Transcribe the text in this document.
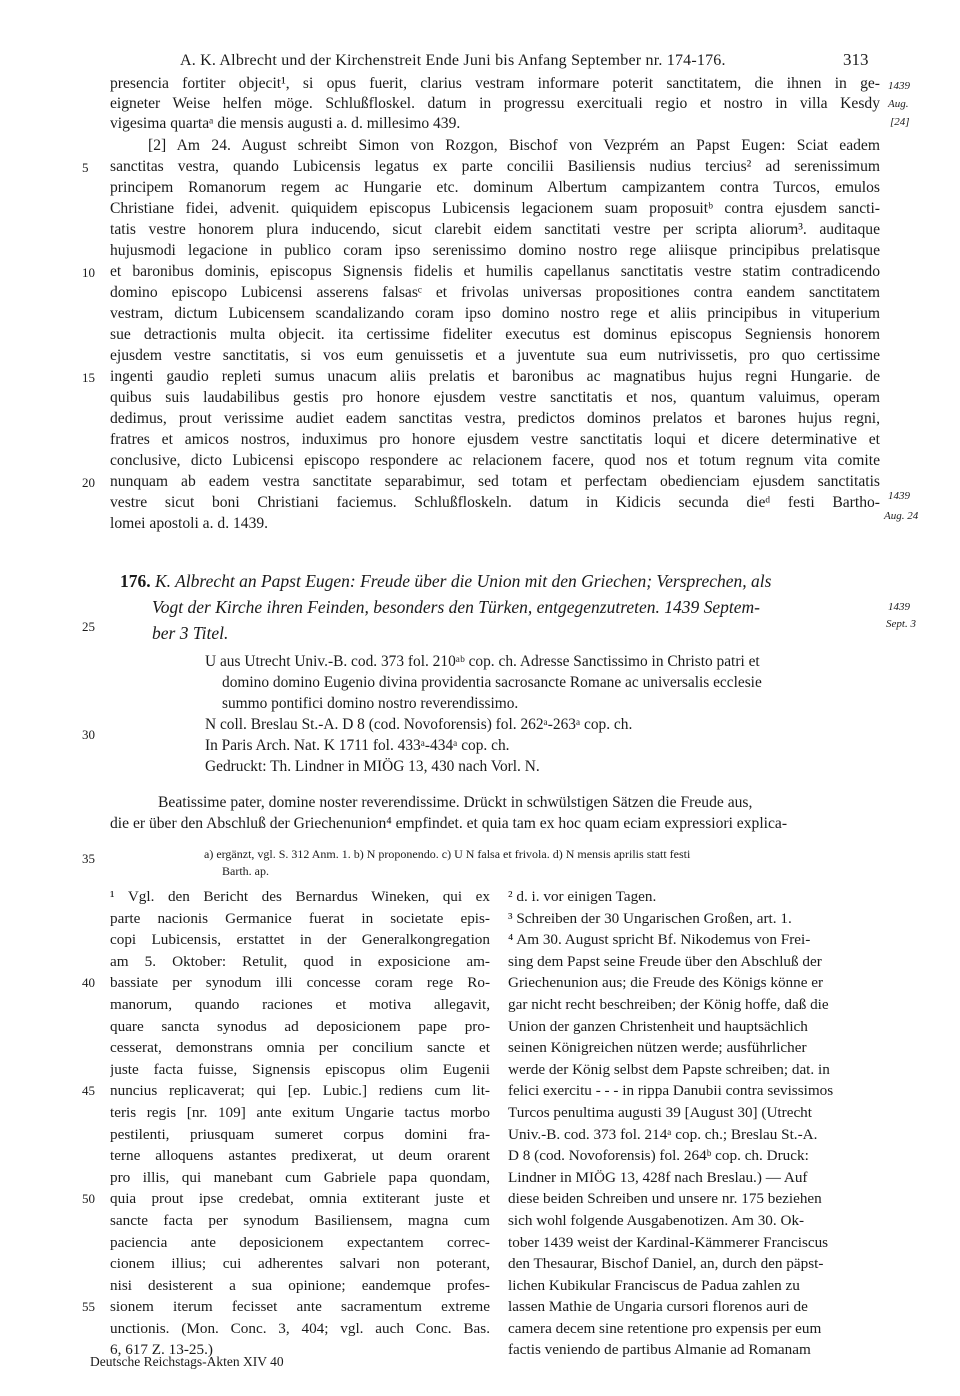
A. K. Albrecht und der Kirchenstreit Ende Juni bis Anfang September nr. 174-176.	313
presencia fortiter objecit¹, si opus fuerit, clarius vestram informare poterit sanctitatem, die ihnen in ge-
eigneter Weise helfen möge. Schlußfloskel. datum in progressu exercituali regio et nostro in villa Kesdy
vigesima quartaᵃ die mensis augusti a. d. millesimo 439.
[2] Am 24. August schreibt Simon von Rozgon, Bischof von Vezprém an Papst Eugen: Sciat eadem
sanctitas vestra, quando Lubicensis legatus ex parte concilii Basiliensis nudius tercius² ad serenissimum
principem Romanorum regem ac Hungarie etc. dominum Albertum campizantem contra Turcos, emulos
Christiane fidei, advenit. quiquidem episcopus Lubicensis legacionem suam proposuitᵇ contra ejusdem sancti-
tatis vestre honorem plura inducendo, sicut clarebit eidem sanctitati vestre per scripta aliorum³. auditaque
hujusmodi legacione in publico coram ipso serenissimo domino nostro rege aliisque principibus prelatisque
et baronibus dominis, episcopus Signensis fidelis et humilis capellanus sanctitatis vestre statim contradicendo
domino episcopo Lubicensi asserens falsasᶜ et frivolas universas propositiones contra eandem sanctitatem
vestram, dictum Lubicensem scandalizando coram ipso domino nostro rege et aliis principibus in vituperium
sue detractionis multa objecit. ita certissime fideliter executus est dominus episcopus Segniensis honorem
ejusdem vestre sanctitatis, si vos eum genuissetis et a juventute sua eum nutrivissetis, pro quo certissime
ingenti gaudio repleti sumus unacum aliis prelatis et baronibus ac magnatibus hujus regni Hungarie. de
quibus suis laudabilibus gestis pro honore ejusdem vestre sanctitatis et nos, quantum valuimus, operam
dedimus, prout verissime audiet eadem sanctitas vestra, predictos dominos prelatos et barones hujus regni,
fratres et amicos nostros, induximus pro honore ejusdem vestre sanctitatis loqui et dicere determinative et
conclusive, dicto Lubicensi episcopo respondere ac relacionem facere, quod nos et totum regnum vita comite
nunquam ab eadem vestra sanctitate separabimur, sed totam et perfectam obedienciam ejusdem sanctitatis
vestre sicut boni Christiani faciemus. Schlußfloskeln. datum in Kidicis secunda dieᵈ festi Bartho-
lomei apostoli a. d. 1439.
5
10
15
20
25
30
35
40
45
50
55
1439
Aug.
[24]
1439
Aug. 24
1439
Sept. 3
176. K. Albrecht an Papst Eugen: Freude über die Union mit den Griechen; Versprechen, als
Vogt der Kirche ihren Feinden, besonders den Türken, entgegenzutreten. 1439 Septem-
ber 3 Titel.
U aus Utrecht Univ.-B. cod. 373 fol. 210ᵃᵇ cop. ch. Adresse Sanctissimo in Christo patri et
domino domino Eugenio divina providentia sacrosancte Romane ac universalis ecclesie
summo pontifici domino nostro reverendissimo.
N coll. Breslau St.-A. D 8 (cod. Novoforensis) fol. 262ᵃ-263ᵃ cop. ch.
In Paris Arch. Nat. K 1711 fol. 433ᵃ-434ᵃ cop. ch.
Gedruckt: Th. Lindner in MIÖG 13, 430 nach Vorl. N.
Beatissime pater, domine noster reverendissime. Drückt in schwülstigen Sätzen die Freude aus,
die er über den Abschluß der Griechenunion⁴ empfindet. et quia tam ex hoc quam eciam expressiori explica-
a) ergänzt, vgl. S. 312 Anm. 1. b) N proponendo. c) U N falsa et frivola. d) N mensis aprilis statt festi
Barth. ap.
¹ Vgl. den Bericht des Bernardus Wineken, qui ex
parte nacionis Germanice fuerat in societate epis-
copi Lubicensis, erstattet in der Generalkongregation
am 5. Oktober: Retulit, quod in exposicione am-
bassiate per synodum illi concesse coram rege Ro-
manorum, quando raciones et motiva allegavit,
quare sancta synodus ad deposicionem pape pro-
cesserat, demonstrans omnia per concilium sancte et
juste facta fuisse, Signensis episcopus olim Eugenii
nuncius replicaverat; qui [ep. Lubic.] rediens cum lit-
teris regis [nr. 109] ante exitum Ungarie tactus morbo
pestilenti, priusquam sumeret corpus domini fra-
terne alloquens astantes predixerat, ut deum orarent
pro illis, qui manebant cum Gabriele papa quondam,
quia prout ipse credebat, omnia extiterant juste et
sancte facta per synodum Basiliensem, magna cum
paciencia ante deposicionem expectantem correc-
cionem illius; cui adherentes salvari non poterant,
nisi desisterent a sua opinione; eandemque profes-
sionem iterum fecisset ante sacramentum extreme
unctionis. (Mon. Conc. 3, 404; vgl. auch Conc. Bas.
6, 617 Z. 13-25.)
² d. i. vor einigen Tagen.
³ Schreiben der 30 Ungarischen Großen, art. 1.
⁴ Am 30. August spricht Bf. Nikodemus von Frei-
sing dem Papst seine Freude über den Abschluß der
Griechenunion aus; die Freude des Königs könne er
gar nicht recht beschreiben; der König hoffe, daß die
Union der ganzen Christenheit und hauptsächlich
seinen Königreichen nützen werde; ausführlicher
werde der König selbst dem Papste schreiben; dat. in
felici exercitu - - - in rippa Danubii contra sevissimos
Turcos penultima augusti 39 [August 30] (Utrecht
Univ.-B. cod. 373 fol. 214ᵃ cop. ch.; Breslau St.-A.
D 8 (cod. Novoforensis) fol. 264ᵇ cop. ch. Druck:
Lindner in MIÖG 13, 428f nach Breslau.) — Auf
diese beiden Schreiben und unsere nr. 175 beziehen
sich wohl folgende Ausgabenotizen. Am 30. Ok-
tober 1439 weist der Kardinal-Kämmerer Franciscus
den Thesaurar, Bischof Daniel, an, durch den päpst-
lichen Kubikular Franciscus de Padua zahlen zu
lassen Mathie de Ungaria cursori florenos auri de
camera decem sine retentione pro expensis per eum
factis veniendo de partibus Almanie ad Romanam
Deutsche Reichstags-Akten XIV 40
